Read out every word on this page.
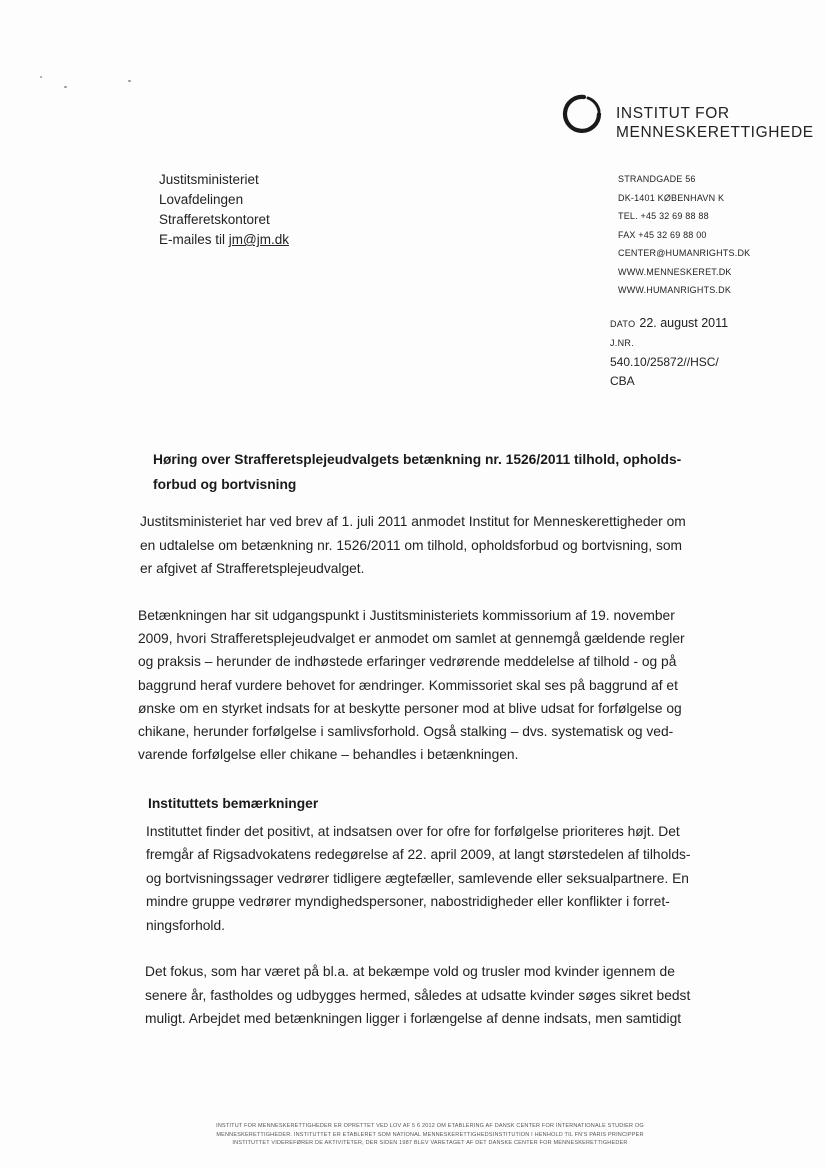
INSTITUT FOR
MENNESKERETTIGHEDE
Justitsministeriet
Lovafdelingen
Strafferetskontoret
E-mailes til jm@jm.dk
STRANDGADE 56
DK-1401 KØBENHAVN K
TEL. +45 32 69 88 88
FAX +45 32 69 88 00
CENTER@HUMANRIGHTS.DK
WWW.MENNESKERET.DK
WWW.HUMANRIGHTS.DK
DATO 22. august 2011
J.NR.
540.10/25872//HSC/
CBA
Høring over Strafferetsplejeudvalgets betænkning nr. 1526/2011 tilhold, opholds-
forbud og bortvisning
Justitsministeriet har ved brev af 1. juli 2011 anmodet Institut for Menneskerettigheder om
en udtalelse om betænkning nr. 1526/2011 om tilhold, opholdsforbud og bortvisning, som
er afgivet af Strafferetsplejeudvalget.
Betænkningen har sit udgangspunkt i Justitsministeriets kommissorium af 19. november
2009, hvori Strafferetsplejeudvalget er anmodet om samlet at gennemgå gældende regler
og praksis – herunder de indhøstede erfaringer vedrørende meddelelse af tilhold - og på
baggrund heraf vurdere behovet for ændringer. Kommissoriet skal ses på baggrund af et
ønske om en styrket indsats for at beskytte personer mod at blive udsat for forfølgelse og
chikane, herunder forfølgelse i samlivsforhold. Også stalking – dvs. systematisk og ved-
varende forfølgelse eller chikane – behandles i betænkningen.
Instituttets bemærkninger
Instituttet finder det positivt, at indsatsen over for ofre for forfølgelse prioriteres højt. Det
fremgår af Rigsadvokatens redegørelse af 22. april 2009, at langt størstedelen af tilholds-
og bortvisningssager vedrører tidligere ægtefæller, samlevende eller seksualpartnere. En
mindre gruppe vedrører myndighedspersoner, nabostridigheder eller konflikter i forret-
ningsforhold.
Det fokus, som har været på bl.a. at bekæmpe vold og trusler mod kvinder igennem de
senere år, fastholdes og udbygges hermed, således at udsatte kvinder søges sikret bedst
muligt. Arbejdet med betænkningen ligger i forlængelse af denne indsats, men samtidigt
INSTITUT FOR MENNESKERETTIGHEDER ER OPRETTET VED LOV AF 5 6 2012 OM ETABLERING AF DANSK CENTER FOR INTERNATIONALE STUDIER OG
MENNESKERETTIGHEDER. INSTITUTTET ER ETABLERET SOM NATIONAL MENNESKERETTIGHEDSINSTITUTION I HENHOLD TIL FN'S PARIS PRINCIPPER
INSTITUTTET VIDEREFØRER DE AKTIVITETER, DER SIDEN 1987 BLEV VARETAGET AF DET DANSKE CENTER FOR MENNESKERETTIGHEDER
